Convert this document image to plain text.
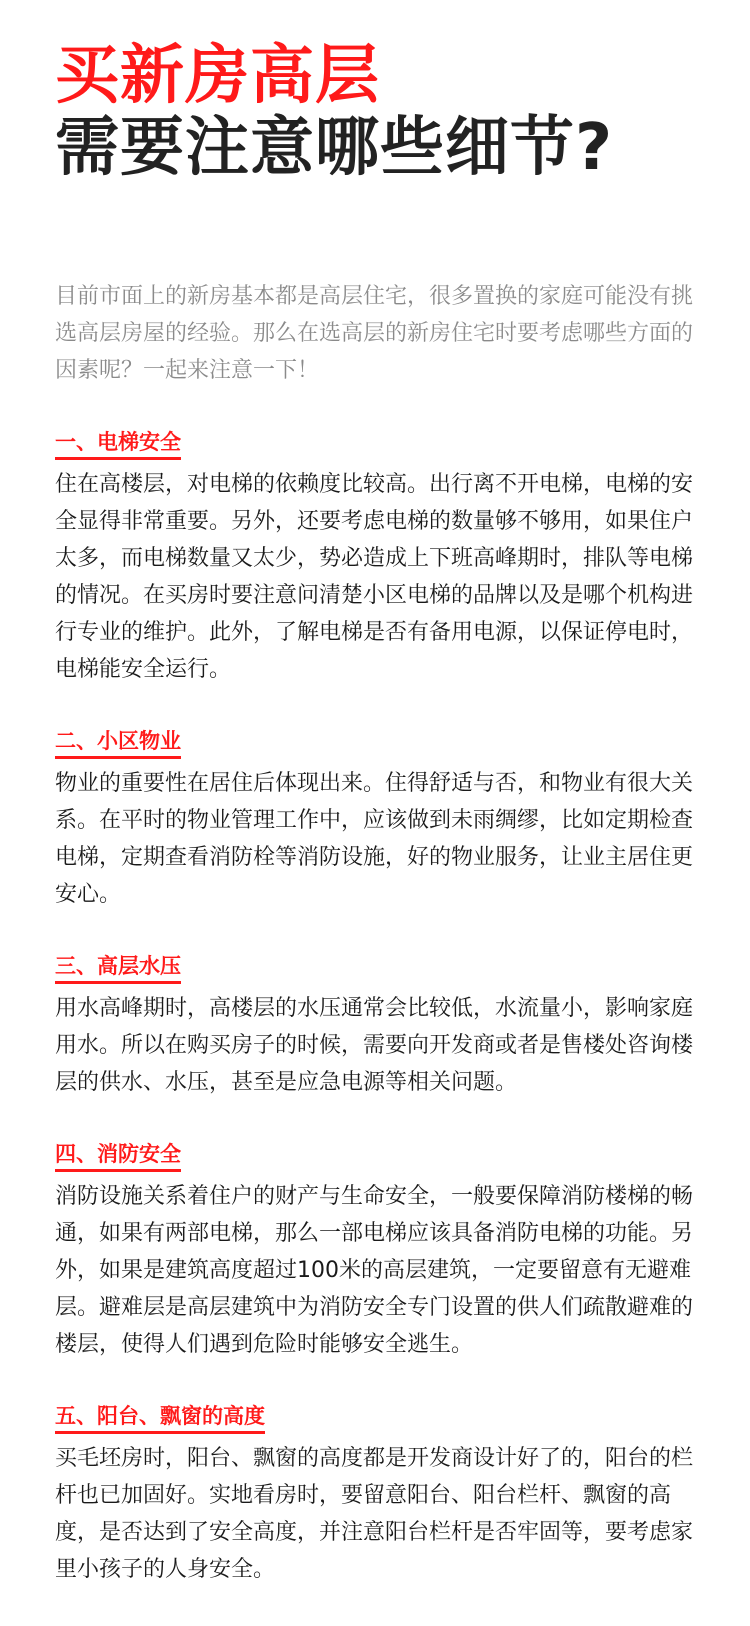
买新房高层
需要注意哪些细节?

目前市面上的新房基本都是高层住宅，很多置换的家庭可能没有挑选高层房屋的经验。那么在选高层的新房住宅时要考虑哪些方面的因素呢？一起来注意一下！

一、电梯安全

住在高楼层，对电梯的依赖度比较高。出行离不开电梯，电梯的安全显得非常重要。另外，还要考虑电梯的数量够不够用，如果住户太多，而电梯数量又太少，势必造成上下班高峰期时，排队等电梯的情况。在买房时要注意问清楚小区电梯的品牌以及是哪个机构进行专业的维护。此外，了解电梯是否有备用电源，以保证停电时，电梯能安全运行。

二、小区物业

物业的重要性在居住后体现出来。住得舒适与否，和物业有很大关系。在平时的物业管理工作中，应该做到未雨绸缪，比如定期检查电梯，定期查看消防栓等消防设施，好的物业服务，让业主居住更安心。

三、高层水压

用水高峰期时，高楼层的水压通常会比较低，水流量小，影响家庭用水。所以在购买房子的时候，需要向开发商或者是售楼处咨询楼层的供水、水压，甚至是应急电源等相关问题。

四、消防安全

消防设施关系着住户的财产与生命安全，一般要保障消防楼梯的畅通，如果有两部电梯，那么一部电梯应该具备消防电梯的功能。另外，如果是建筑高度超过100米的高层建筑，一定要留意有无避难层。避难层是高层建筑中为消防安全专门设置的供人们疏散避难的楼层，使得人们遇到危险时能够安全逃生。

五、阳台、飘窗的高度

买毛坯房时，阳台、飘窗的高度都是开发商设计好了的，阳台的栏杆也已加固好。实地看房时，要留意阳台、阳台栏杆、飘窗的高度，是否达到了安全高度，并注意阳台栏杆是否牢固等，要考虑家里小孩子的人身安全。
